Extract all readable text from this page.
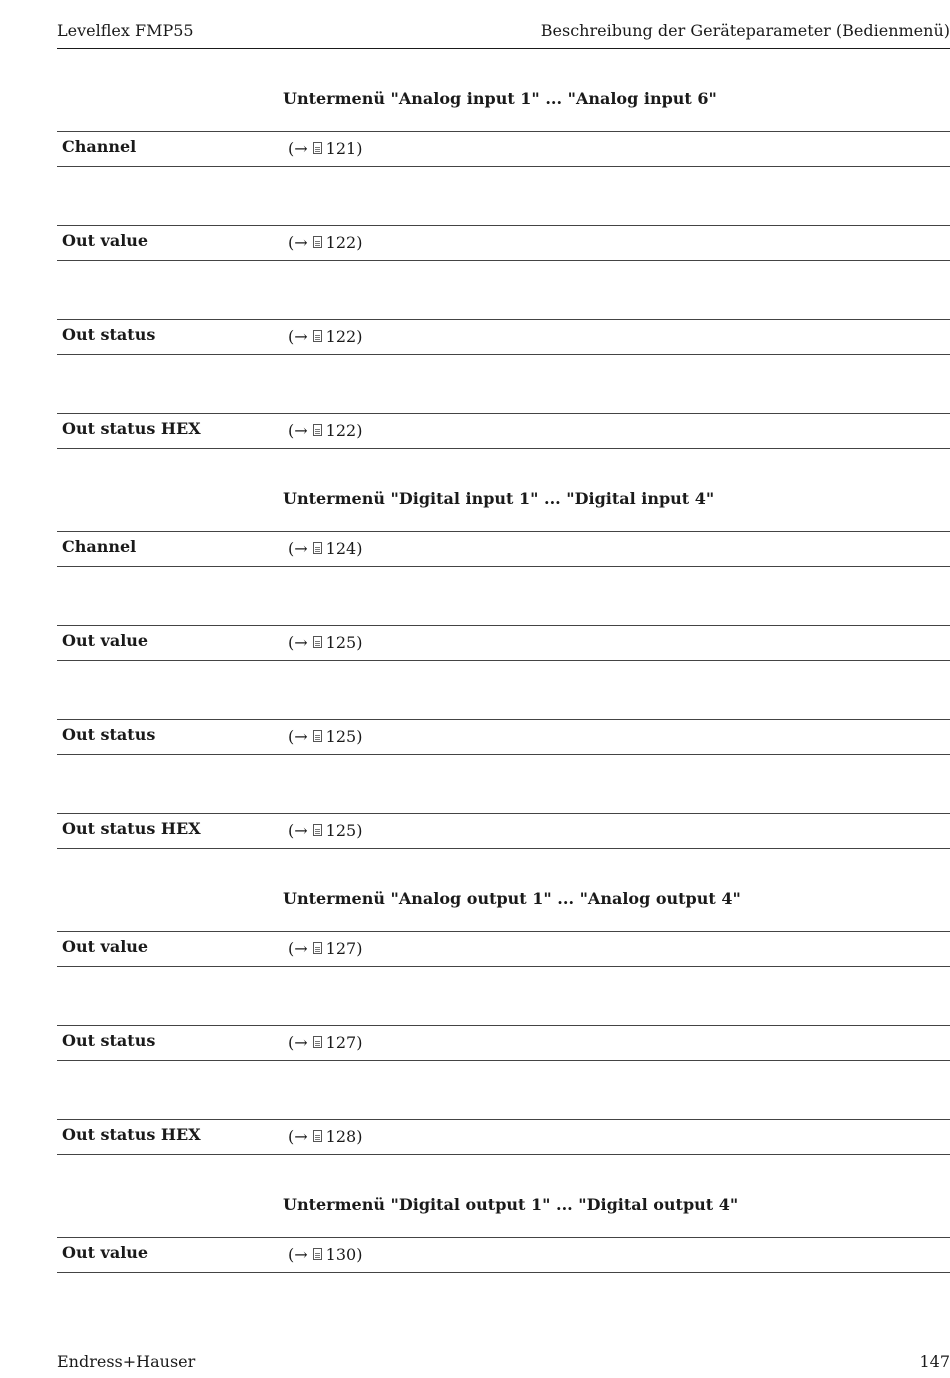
Levelflex FMP55	Beschreibung der Geräteparameter (Bedienmenü)
Untermenü "Analog input 1" ... "Analog input 6"
Channel	(→ 121)
Out value	(→ 122)
Out status	(→ 122)
Out status HEX	(→ 122)
Untermenü "Digital input 1" ... "Digital input 4"
Channel	(→ 124)
Out value	(→ 125)
Out status	(→ 125)
Out status HEX	(→ 125)
Untermenü "Analog output 1" ... "Analog output 4"
Out value	(→ 127)
Out status	(→ 127)
Out status HEX	(→ 128)
Untermenü "Digital output 1" ... "Digital output 4"
Out value	(→ 130)
Endress+Hauser	147
